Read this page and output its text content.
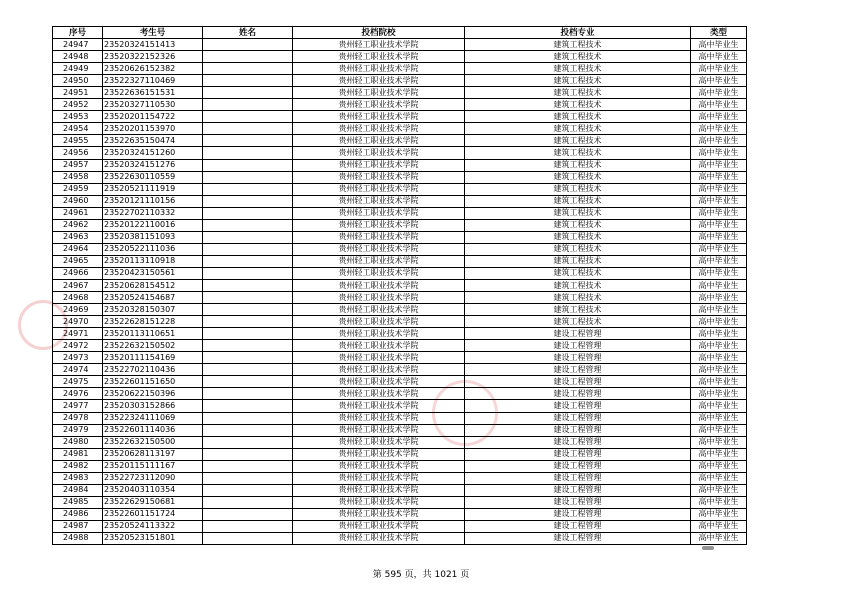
序号	考生号	姓名	投档院校	投档专业	类型
24947	23520324151413		贵州轻工职业技术学院	建筑工程技术	高中毕业生
24948	23520322152326		贵州轻工职业技术学院	建筑工程技术	高中毕业生
24949	23520626152382		贵州轻工职业技术学院	建筑工程技术	高中毕业生
24950	23522327110469		贵州轻工职业技术学院	建筑工程技术	高中毕业生
24951	23522636151531		贵州轻工职业技术学院	建筑工程技术	高中毕业生
24952	23520327110530		贵州轻工职业技术学院	建筑工程技术	高中毕业生
24953	23520201154722		贵州轻工职业技术学院	建筑工程技术	高中毕业生
24954	23520201153970		贵州轻工职业技术学院	建筑工程技术	高中毕业生
24955	23522635150474		贵州轻工职业技术学院	建筑工程技术	高中毕业生
24956	23520324151260		贵州轻工职业技术学院	建筑工程技术	高中毕业生
24957	23520324151276		贵州轻工职业技术学院	建筑工程技术	高中毕业生
24958	23522630110559		贵州轻工职业技术学院	建筑工程技术	高中毕业生
24959	23520521111919		贵州轻工职业技术学院	建筑工程技术	高中毕业生
24960	23520121110156		贵州轻工职业技术学院	建筑工程技术	高中毕业生
24961	23522702110332		贵州轻工职业技术学院	建筑工程技术	高中毕业生
24962	23520122110016		贵州轻工职业技术学院	建筑工程技术	高中毕业生
24963	23520381151093		贵州轻工职业技术学院	建筑工程技术	高中毕业生
24964	23520522111036		贵州轻工职业技术学院	建筑工程技术	高中毕业生
24965	23520113110918		贵州轻工职业技术学院	建筑工程技术	高中毕业生
24966	23520423150561		贵州轻工职业技术学院	建筑工程技术	高中毕业生
24967	23520628154512		贵州轻工职业技术学院	建筑工程技术	高中毕业生
24968	23520524154687		贵州轻工职业技术学院	建筑工程技术	高中毕业生
24969	23520328150307		贵州轻工职业技术学院	建筑工程技术	高中毕业生
24970	23522628151228		贵州轻工职业技术学院	建筑工程技术	高中毕业生
24971	23520113110651		贵州轻工职业技术学院	建设工程管理	高中毕业生
24972	23522632150502		贵州轻工职业技术学院	建设工程管理	高中毕业生
24973	23520111154169		贵州轻工职业技术学院	建设工程管理	高中毕业生
24974	23522702110436		贵州轻工职业技术学院	建设工程管理	高中毕业生
24975	23522601151650		贵州轻工职业技术学院	建设工程管理	高中毕业生
24976	23520622150396		贵州轻工职业技术学院	建设工程管理	高中毕业生
24977	23520303152866		贵州轻工职业技术学院	建设工程管理	高中毕业生
24978	23522324111069		贵州轻工职业技术学院	建设工程管理	高中毕业生
24979	23522601114036		贵州轻工职业技术学院	建设工程管理	高中毕业生
24980	23522632150500		贵州轻工职业技术学院	建设工程管理	高中毕业生
24981	23520628113197		贵州轻工职业技术学院	建设工程管理	高中毕业生
24982	23520115111167		贵州轻工职业技术学院	建设工程管理	高中毕业生
24983	23522723112090		贵州轻工职业技术学院	建设工程管理	高中毕业生
24984	23520403110354		贵州轻工职业技术学院	建设工程管理	高中毕业生
24985	23522629150681		贵州轻工职业技术学院	建设工程管理	高中毕业生
24986	23522601151724		贵州轻工职业技术学院	建设工程管理	高中毕业生
24987	23520524113322		贵州轻工职业技术学院	建设工程管理	高中毕业生
24988	23520523151801		贵州轻工职业技术学院	建设工程管理	高中毕业生
第 595 页，共 1021 页
